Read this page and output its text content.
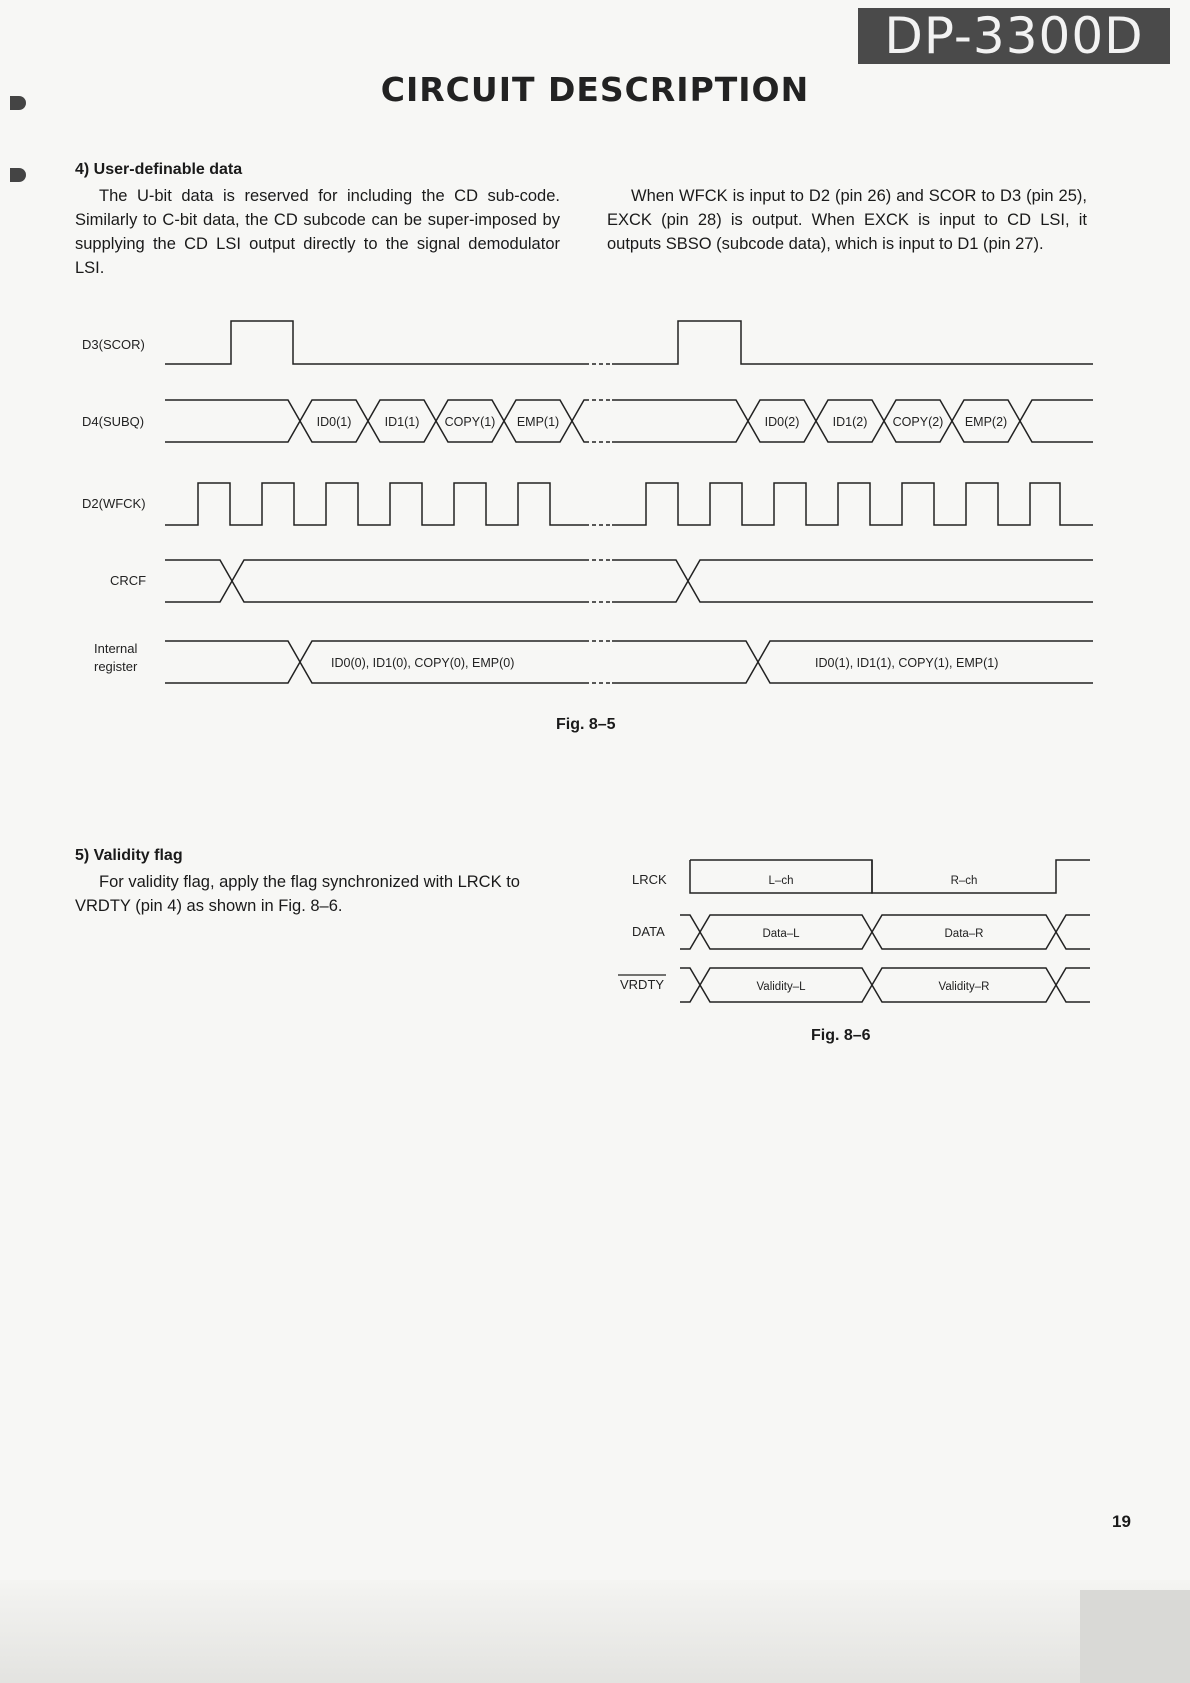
DP-3300D
CIRCUIT DESCRIPTION
4) User-definable data
The U-bit data is reserved for including the CD sub-code. Similarly to C-bit data, the CD subcode can be super-imposed by supplying the CD LSI output directly to the signal demodulator LSI.
When WFCK is input to D2 (pin 26) and SCOR to D3 (pin 25), EXCK (pin 28) is output. When EXCK is input to CD LSI, it outputs SBSO (subcode data), which is input to D1 (pin 27).
D3(SCOR)
D4(SUBQ)
D2(WFCK)
CRCF
Internal
register
ID0(1)	ID1(1) COPY(1) EMP(1)	ID0(2)	ID1(2) COPY(2) EMP(2)
ID0(0), ID1(0), COPY(0), EMP(0)	ID0(1), ID1(1), COPY(1), EMP(1)
Fig. 8–5
5) Validity flag
For validity flag, apply the flag synchronized with LRCK to VRDTY (pin 4) as shown in Fig. 8–6.
LRCK
DATA
VRDTY
L–ch	R–ch
Data–L	Data–R
Validity–L	Validity–R
Fig. 8–6
19
